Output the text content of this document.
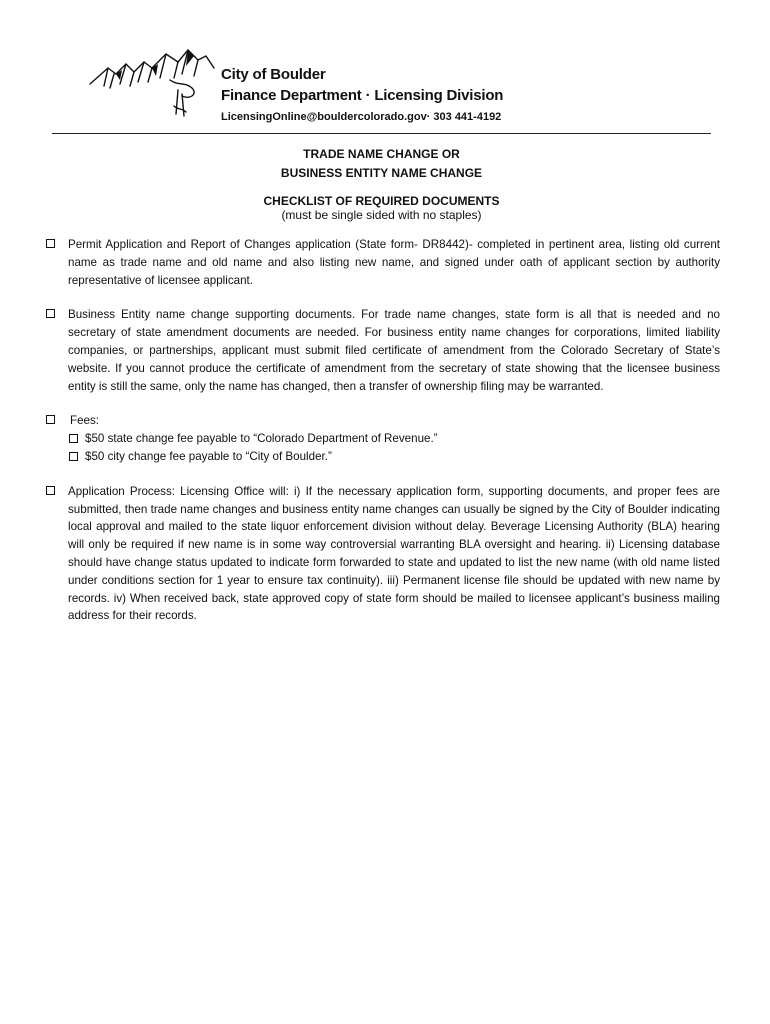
City of Boulder
Finance Department · Licensing Division
LicensingOnline@bouldercolorado.gov· 303 441-4192
TRADE NAME CHANGE OR
BUSINESS ENTITY NAME CHANGE
CHECKLIST OF REQUIRED DOCUMENTS
(must be single sided with no staples)
Permit Application and Report of Changes application (State form- DR8442)- completed in pertinent area, listing old current name as trade name and old name and also listing new name, and signed under oath of applicant section by authority representative of licensee applicant.
Business Entity name change supporting documents. For trade name changes, state form is all that is needed and no secretary of state amendment documents are needed. For business entity name changes for corporations, limited liability companies, or partnerships, applicant must submit filed certificate of amendment from the Colorado Secretary of State’s website. If you cannot produce the certificate of amendment from the secretary of state showing that the licensee business entity is still the same, only the name has changed, then a transfer of ownership filing may be warranted.
Fees:
$50 state change fee payable to “Colorado Department of Revenue.”
$50 city change fee payable to “City of Boulder.”
Application Process: Licensing Office will: i) If the necessary application form, supporting documents, and proper fees are submitted, then trade name changes and business entity name changes can usually be signed by the City of Boulder indicating local approval and mailed to the state liquor enforcement division without delay. Beverage Licensing Authority (BLA) hearing will only be required if new name is in some way controversial warranting BLA oversight and hearing. ii) Licensing database should have change status updated to indicate form forwarded to state and updated to list the new name (with old name listed under conditions section for 1 year to ensure tax continuity). iii) Permanent license file should be updated with new name by records. iv) When received back, state approved copy of state form should be mailed to licensee applicant’s business mailing address for their records.
